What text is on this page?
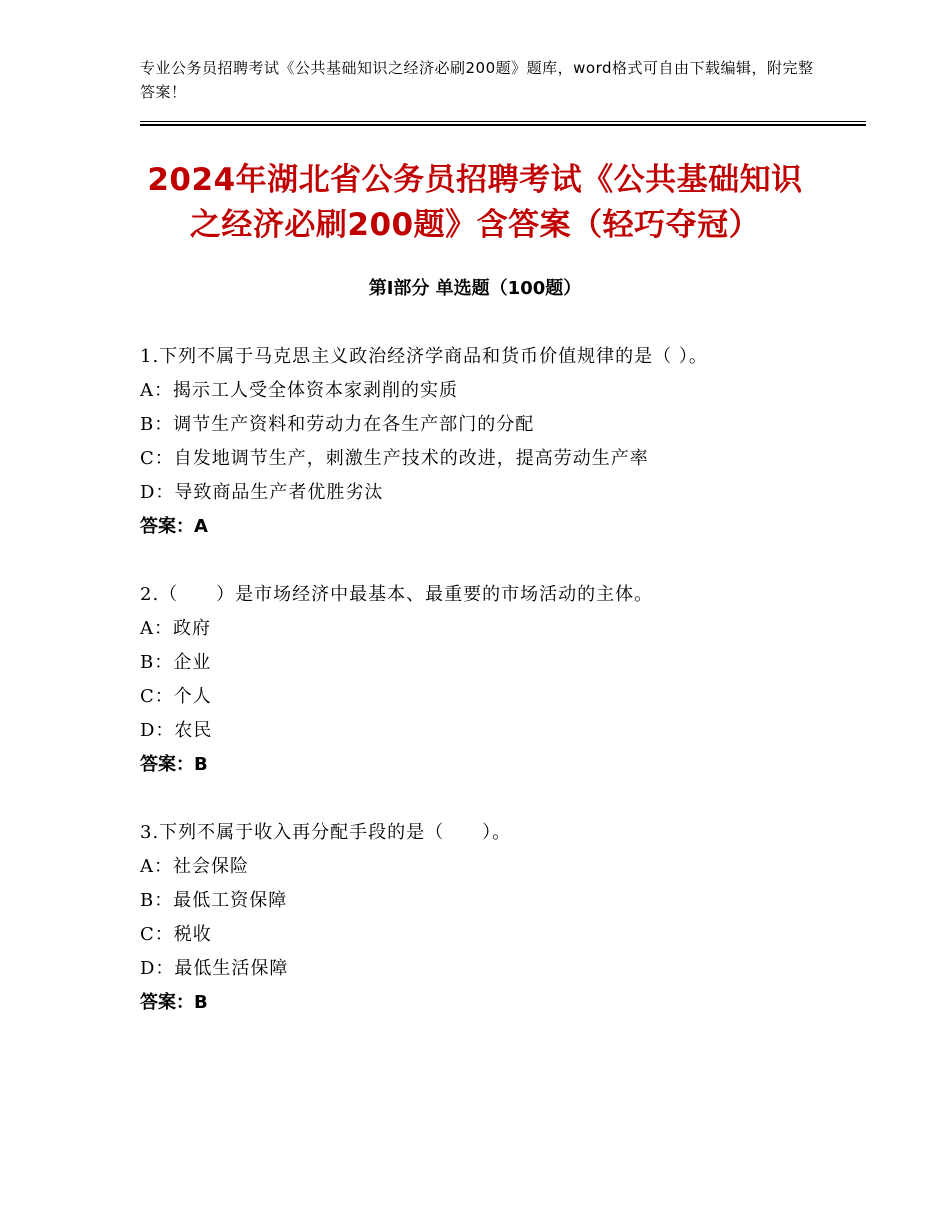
专业公务员招聘考试《公共基础知识之经济必刷200题》题库，word格式可自由下载编辑，附完整答案！
2024年湖北省公务员招聘考试《公共基础知识之经济必刷200题》含答案（轻巧夺冠）
第Ⅰ部分 单选题（100题）
1.下列不属于马克思主义政治经济学商品和货币价值规律的是（ ）。
A：揭示工人受全体资本家剥削的实质
B：调节生产资料和劳动力在各生产部门的分配
C：自发地调节生产，刺激生产技术的改进，提高劳动生产率
D：导致商品生产者优胜劣汰
答案：A
2.（　　）是市场经济中最基本、最重要的市场活动的主体。
A：政府
B：企业
C：个人
D：农民
答案：B
3.下列不属于收入再分配手段的是（　　）。
A：社会保险
B：最低工资保障
C：税收
D：最低生活保障
答案：B
